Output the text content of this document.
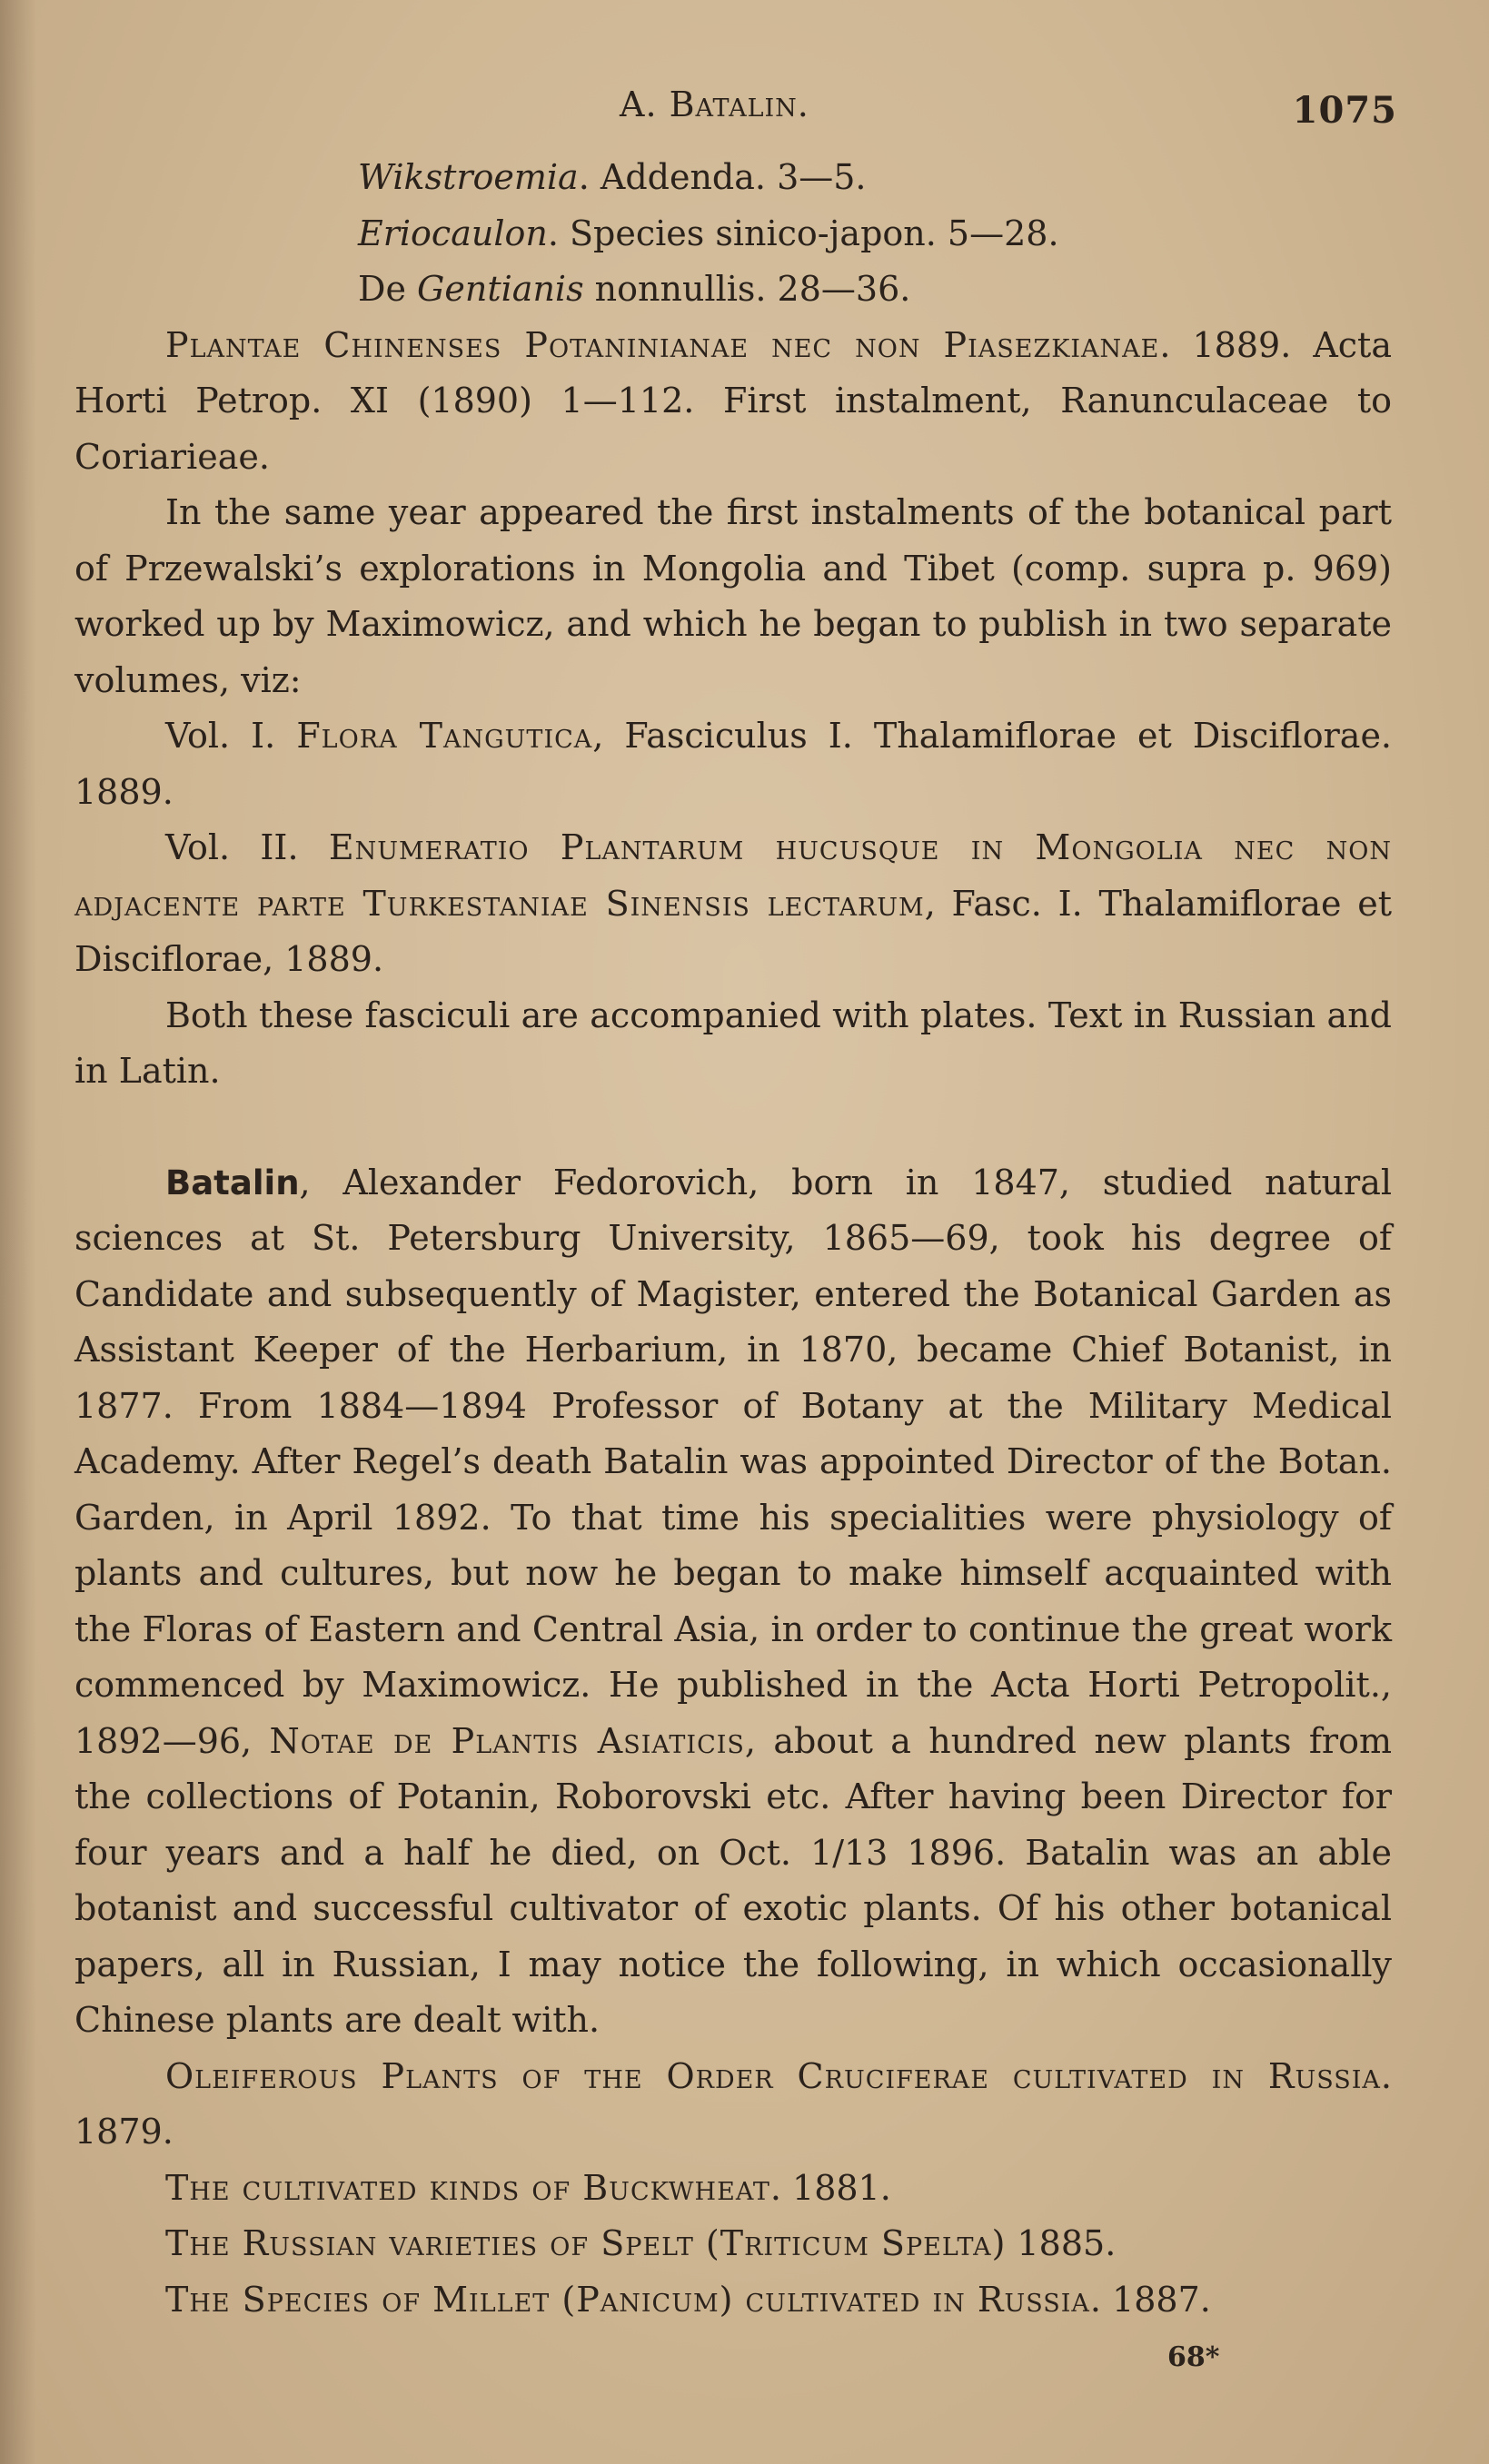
A. Batalin.	1075
Wikstroemia. Addenda. 3—5.
Eriocaulon. Species sinico-japon. 5—28.
De Gentianis nonnullis. 28—36.

Plantae Chinenses Potaninianae nec non Piasezkianae. 1889. Acta Horti Petrop. XI (1890) 1—112. First instalment, Ranunculaceae to Coriarieae.

In the same year appeared the first instalments of the botanical part of Przewalski’s explorations in Mongolia and Tibet (comp. supra p. 969) worked up by Maximowicz, and which he began to publish in two separate volumes, viz:

Vol. I. Flora Tangutica, Fasciculus I. Thalamiflorae et Disciflorae. 1889.

Vol. II. Enumeratio Plantarum hucusque in Mongolia nec non adjacente parte Turkestaniae Sinensis lectarum, Fasc. I. Thalamiflorae et Disciflorae, 1889.

Both these fasciculi are accompanied with plates. Text in Russian and in Latin.

Batalin, Alexander Fedorovich, born in 1847, studied natural sciences at St. Petersburg University, 1865—69, took his degree of Candidate and subsequently of Magister, entered the Botanical Garden as Assistant Keeper of the Herbarium, in 1870, became Chief Botanist, in 1877. From 1884—1894 Professor of Botany at the Military Medical Academy. After Regel’s death Batalin was appointed Director of the Botan. Garden, in April 1892. To that time his specialities were physiology of plants and cultures, but now he began to make himself acquainted with the Floras of Eastern and Central Asia, in order to continue the great work commenced by Maximowicz. He published in the Acta Horti Petropolit., 1892—96, Notae de Plantis Asiaticis, about a hundred new plants from the collections of Potanin, Roborovski etc. After having been Director for four years and a half he died, on Oct. 1/13 1896. Batalin was an able botanist and successful cultivator of exotic plants. Of his other botanical papers, all in Russian, I may notice the following, in which occasionally Chinese plants are dealt with.

Oleiferous Plants of the Order Cruciferae cultivated in Russia. 1879.

The cultivated kinds of Buckwheat. 1881.

The Russian varieties of Spelt (Triticum Spelta) 1885.

The Species of Millet (Panicum) cultivated in Russia. 1887.

68*
